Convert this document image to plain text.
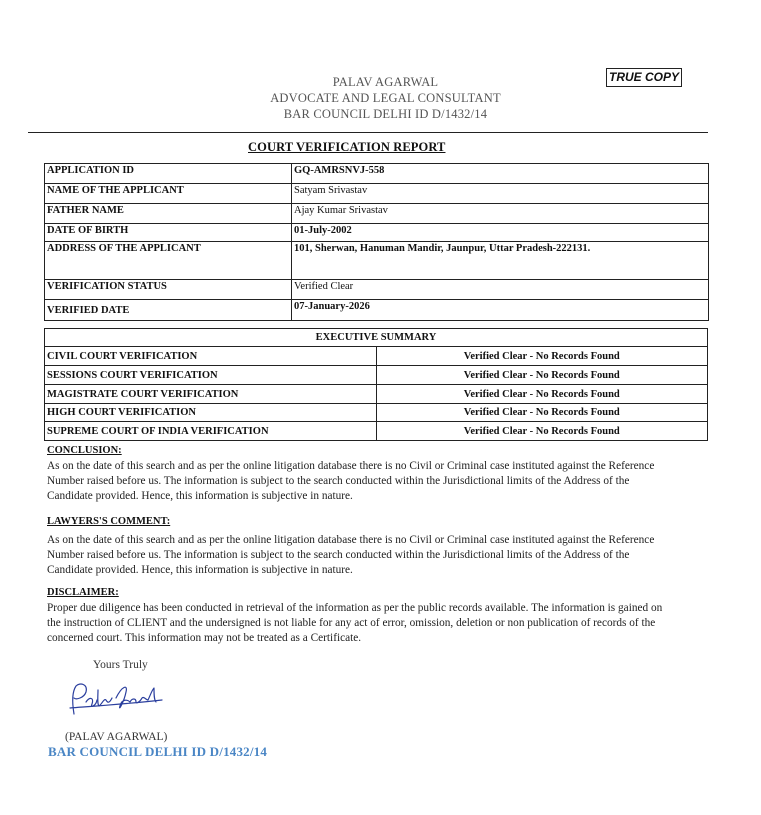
PALAV AGARWAL
ADVOCATE AND LEGAL CONSULTANT
BAR COUNCIL DELHI ID D/1432/14
TRUE COPY
COURT VERIFICATION REPORT
APPLICATION ID	GQ-AMRSNVJ-558
NAME OF THE APPLICANT	Satyam Srivastav
FATHER NAME	Ajay Kumar Srivastav
DATE OF BIRTH	01-July-2002
ADDRESS OF THE APPLICANT	101, Sherwan, Hanuman Mandir, Jaunpur, Uttar Pradesh-222131.
VERIFICATION STATUS	Verified Clear
VERIFIED DATE	07-January-2026
EXECUTIVE SUMMARY	
CIVIL COURT VERIFICATION	Verified Clear - No Records Found
SESSIONS COURT VERIFICATION	Verified Clear - No Records Found
MAGISTRATE COURT VERIFICATION	Verified Clear - No Records Found
HIGH COURT VERIFICATION	Verified Clear - No Records Found
SUPREME COURT OF INDIA VERIFICATION	Verified Clear - No Records Found
CONCLUSION:
As on the date of this search and as per the online litigation database there is no Civil or Criminal case instituted against the Reference
Number raised before us. The information is subject to the search conducted within the Jurisdictional limits of the Address of the
Candidate provided. Hence, this information is subjective in nature.
LAWYERS'S COMMENT:
As on the date of this search and as per the online litigation database there is no Civil or Criminal case instituted against the Reference
Number raised before us. The information is subject to the search conducted within the Jurisdictional limits of the Address of the
Candidate provided. Hence, this information is subjective in nature.
DISCLAIMER:
Proper due diligence has been conducted in retrieval of the information as per the public records available. The information is gained on
the instruction of CLIENT and the undersigned is not liable for any act of error, omission, deletion or non publication of records of the
concerned court. This information may not be treated as a Certificate.
Yours Truly
(PALAV AGARWAL)
BAR COUNCIL DELHI ID D/1432/14
